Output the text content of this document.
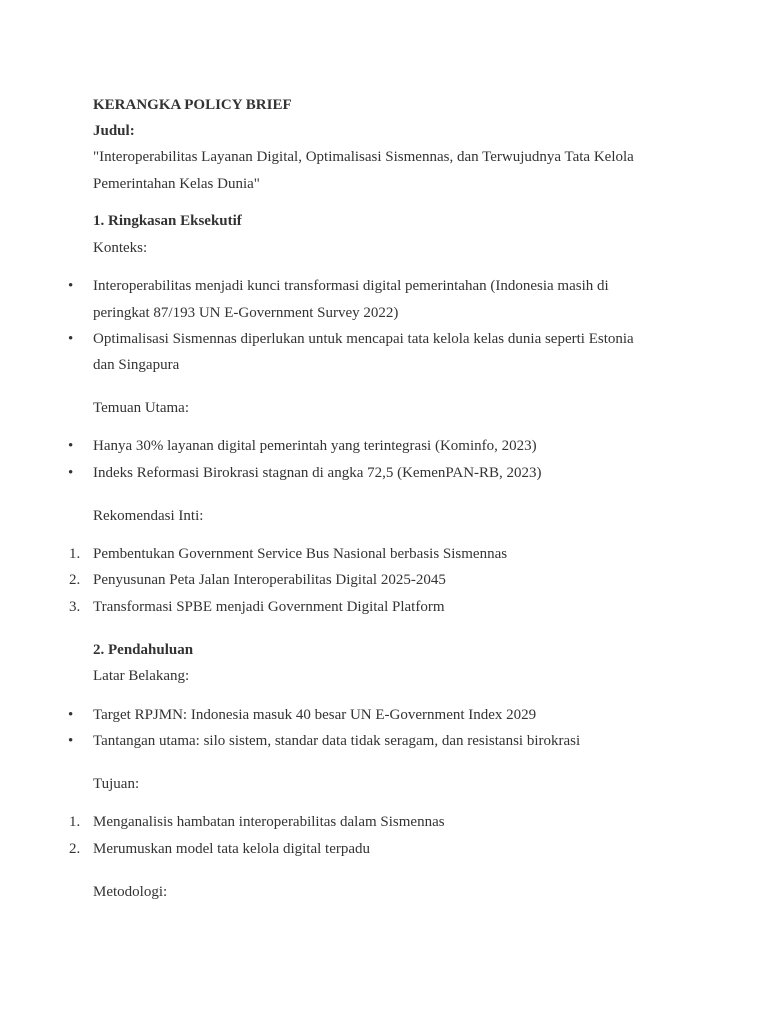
KERANGKA POLICY BRIEF
Judul:
"Interoperabilitas Layanan Digital, Optimalisasi Sismennas, dan Terwujudnya Tata Kelola
Pemerintahan Kelas Dunia"
1. Ringkasan Eksekutif
Konteks:
• Interoperabilitas menjadi kunci transformasi digital pemerintahan (Indonesia masih di
peringkat 87/193 UN E-Government Survey 2022)
• Optimalisasi Sismennas diperlukan untuk mencapai tata kelola kelas dunia seperti Estonia
dan Singapura
Temuan Utama:
• Hanya 30% layanan digital pemerintah yang terintegrasi (Kominfo, 2023)
• Indeks Reformasi Birokrasi stagnan di angka 72,5 (KemenPAN-RB, 2023)
Rekomendasi Inti:
1. Pembentukan Government Service Bus Nasional berbasis Sismennas
2. Penyusunan Peta Jalan Interoperabilitas Digital 2025-2045
3. Transformasi SPBE menjadi Government Digital Platform
2. Pendahuluan
Latar Belakang:
• Target RPJMN: Indonesia masuk 40 besar UN E-Government Index 2029
• Tantangan utama: silo sistem, standar data tidak seragam, dan resistansi birokrasi
Tujuan:
1. Menganalisis hambatan interoperabilitas dalam Sismennas
2. Merumuskan model tata kelola digital terpadu
Metodologi:
